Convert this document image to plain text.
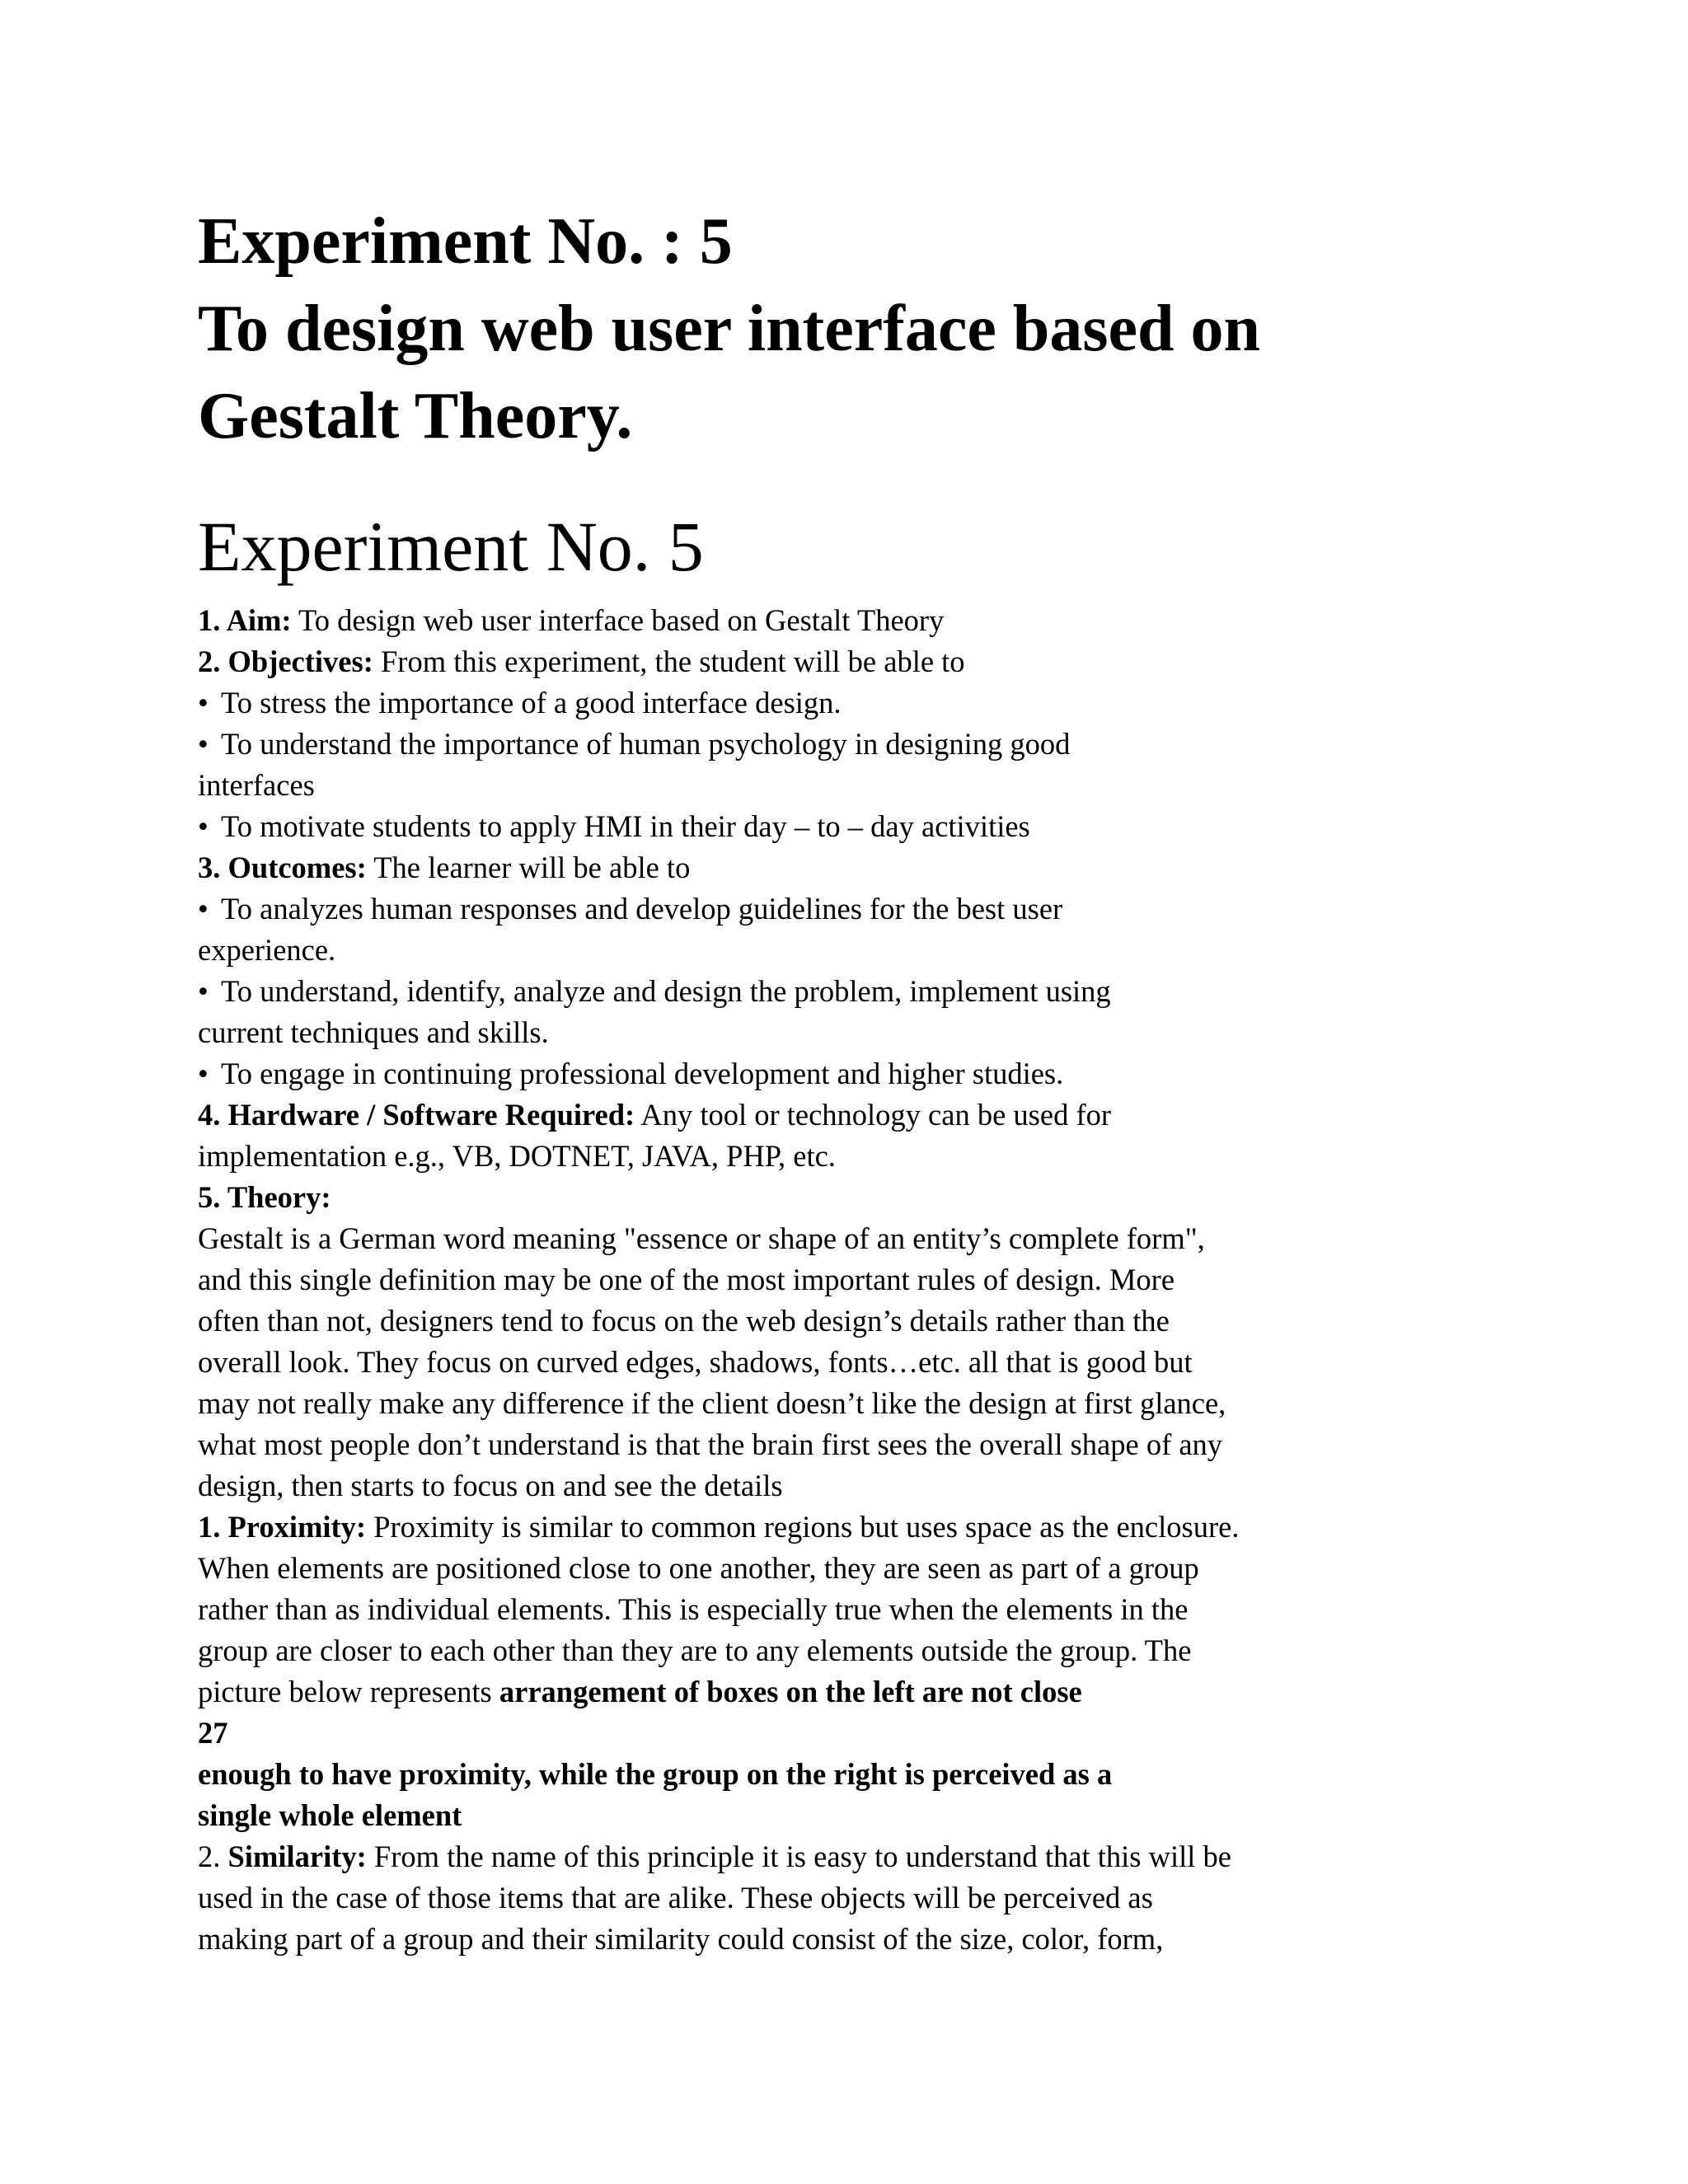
Experiment No. : 5
To design web user interface based on
Gestalt Theory.
Experiment No. 5
1. Aim: To design web user interface based on Gestalt Theory
2. Objectives: From this experiment, the student will be able to
• To stress the importance of a good interface design.
• To understand the importance of human psychology in designing good
interfaces
• To motivate students to apply HMI in their day – to – day activities
3. Outcomes: The learner will be able to
• To analyzes human responses and develop guidelines for the best user
experience.
• To understand, identify, analyze and design the problem, implement using
current techniques and skills.
• To engage in continuing professional development and higher studies.
4. Hardware / Software Required: Any tool or technology can be used for
implementation e.g., VB, DOTNET, JAVA, PHP, etc.
5. Theory:
Gestalt is a German word meaning "essence or shape of an entity’s complete form",
and this single definition may be one of the most important rules of design. More
often than not, designers tend to focus on the web design’s details rather than the
overall look. They focus on curved edges, shadows, fonts…etc. all that is good but
may not really make any difference if the client doesn’t like the design at first glance,
what most people don’t understand is that the brain first sees the overall shape of any
design, then starts to focus on and see the details
1. Proximity: Proximity is similar to common regions but uses space as the enclosure.
When elements are positioned close to one another, they are seen as part of a group
rather than as individual elements. This is especially true when the elements in the
group are closer to each other than they are to any elements outside the group. The
picture below represents arrangement of boxes on the left are not close
27
enough to have proximity, while the group on the right is perceived as a
single whole element
2. Similarity: From the name of this principle it is easy to understand that this will be
used in the case of those items that are alike. These objects will be perceived as
making part of a group and their similarity could consist of the size, color, form,
